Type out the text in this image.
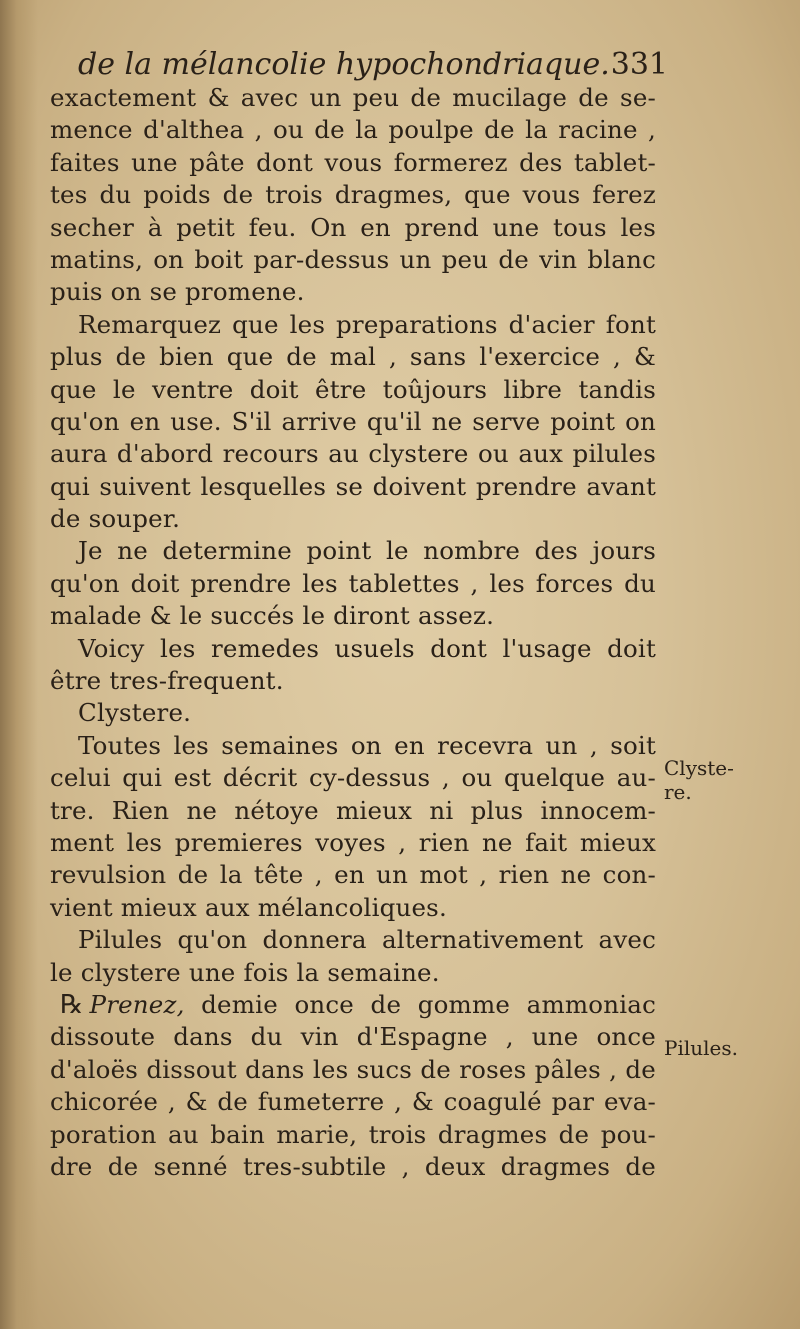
de la mélancolie hypochondriaque. 331
exactement & avec un peu de mucilage de se-
mence d'althea , ou de la poulpe de la racine ,
faites une pâte dont vous formerez des tablet-
tes du poids de trois dragmes, que vous ferez
secher à petit feu. On en prend une tous les
matins, on boit par-dessus un peu de vin blanc
puis on se promene.
Remarquez que les preparations d'acier font
plus de bien que de mal , sans l'exercice , &
que le ventre doit être toûjours libre tandis
qu'on en use. S'il arrive qu'il ne serve point on
aura d'abord recours au clystere ou aux pilules
qui suivent lesquelles se doivent prendre avant
de souper.
Je ne determine point le nombre des jours
qu'on doit prendre les tablettes , les forces du
malade & le succés le diront assez.
Voicy les remedes usuels dont l'usage doit
être tres-frequent.
Clystere.
Toutes les semaines on en recevra un , soit
celui qui est décrit cy-dessus , ou quelque au-
tre. Rien ne nétoye mieux ni plus innocem-
ment les premieres voyes , rien ne fait mieux
revulsion de la tête , en un mot , rien ne con-
vient mieux aux mélancoliques.
Pilules qu'on donnera alternativement avec
le clystere une fois la semaine.
℞ Prenez, demie once de gomme ammoniac
dissoute dans du vin d'Espagne , une once
d'aloës dissout dans les sucs de roses pâles , de
chicorée , & de fumeterre , & coagulé par eva-
poration au bain marie, trois dragmes de pou-
dre de senné tres-subtile , deux dragmes de
Clyste-
re.
Pilules.
